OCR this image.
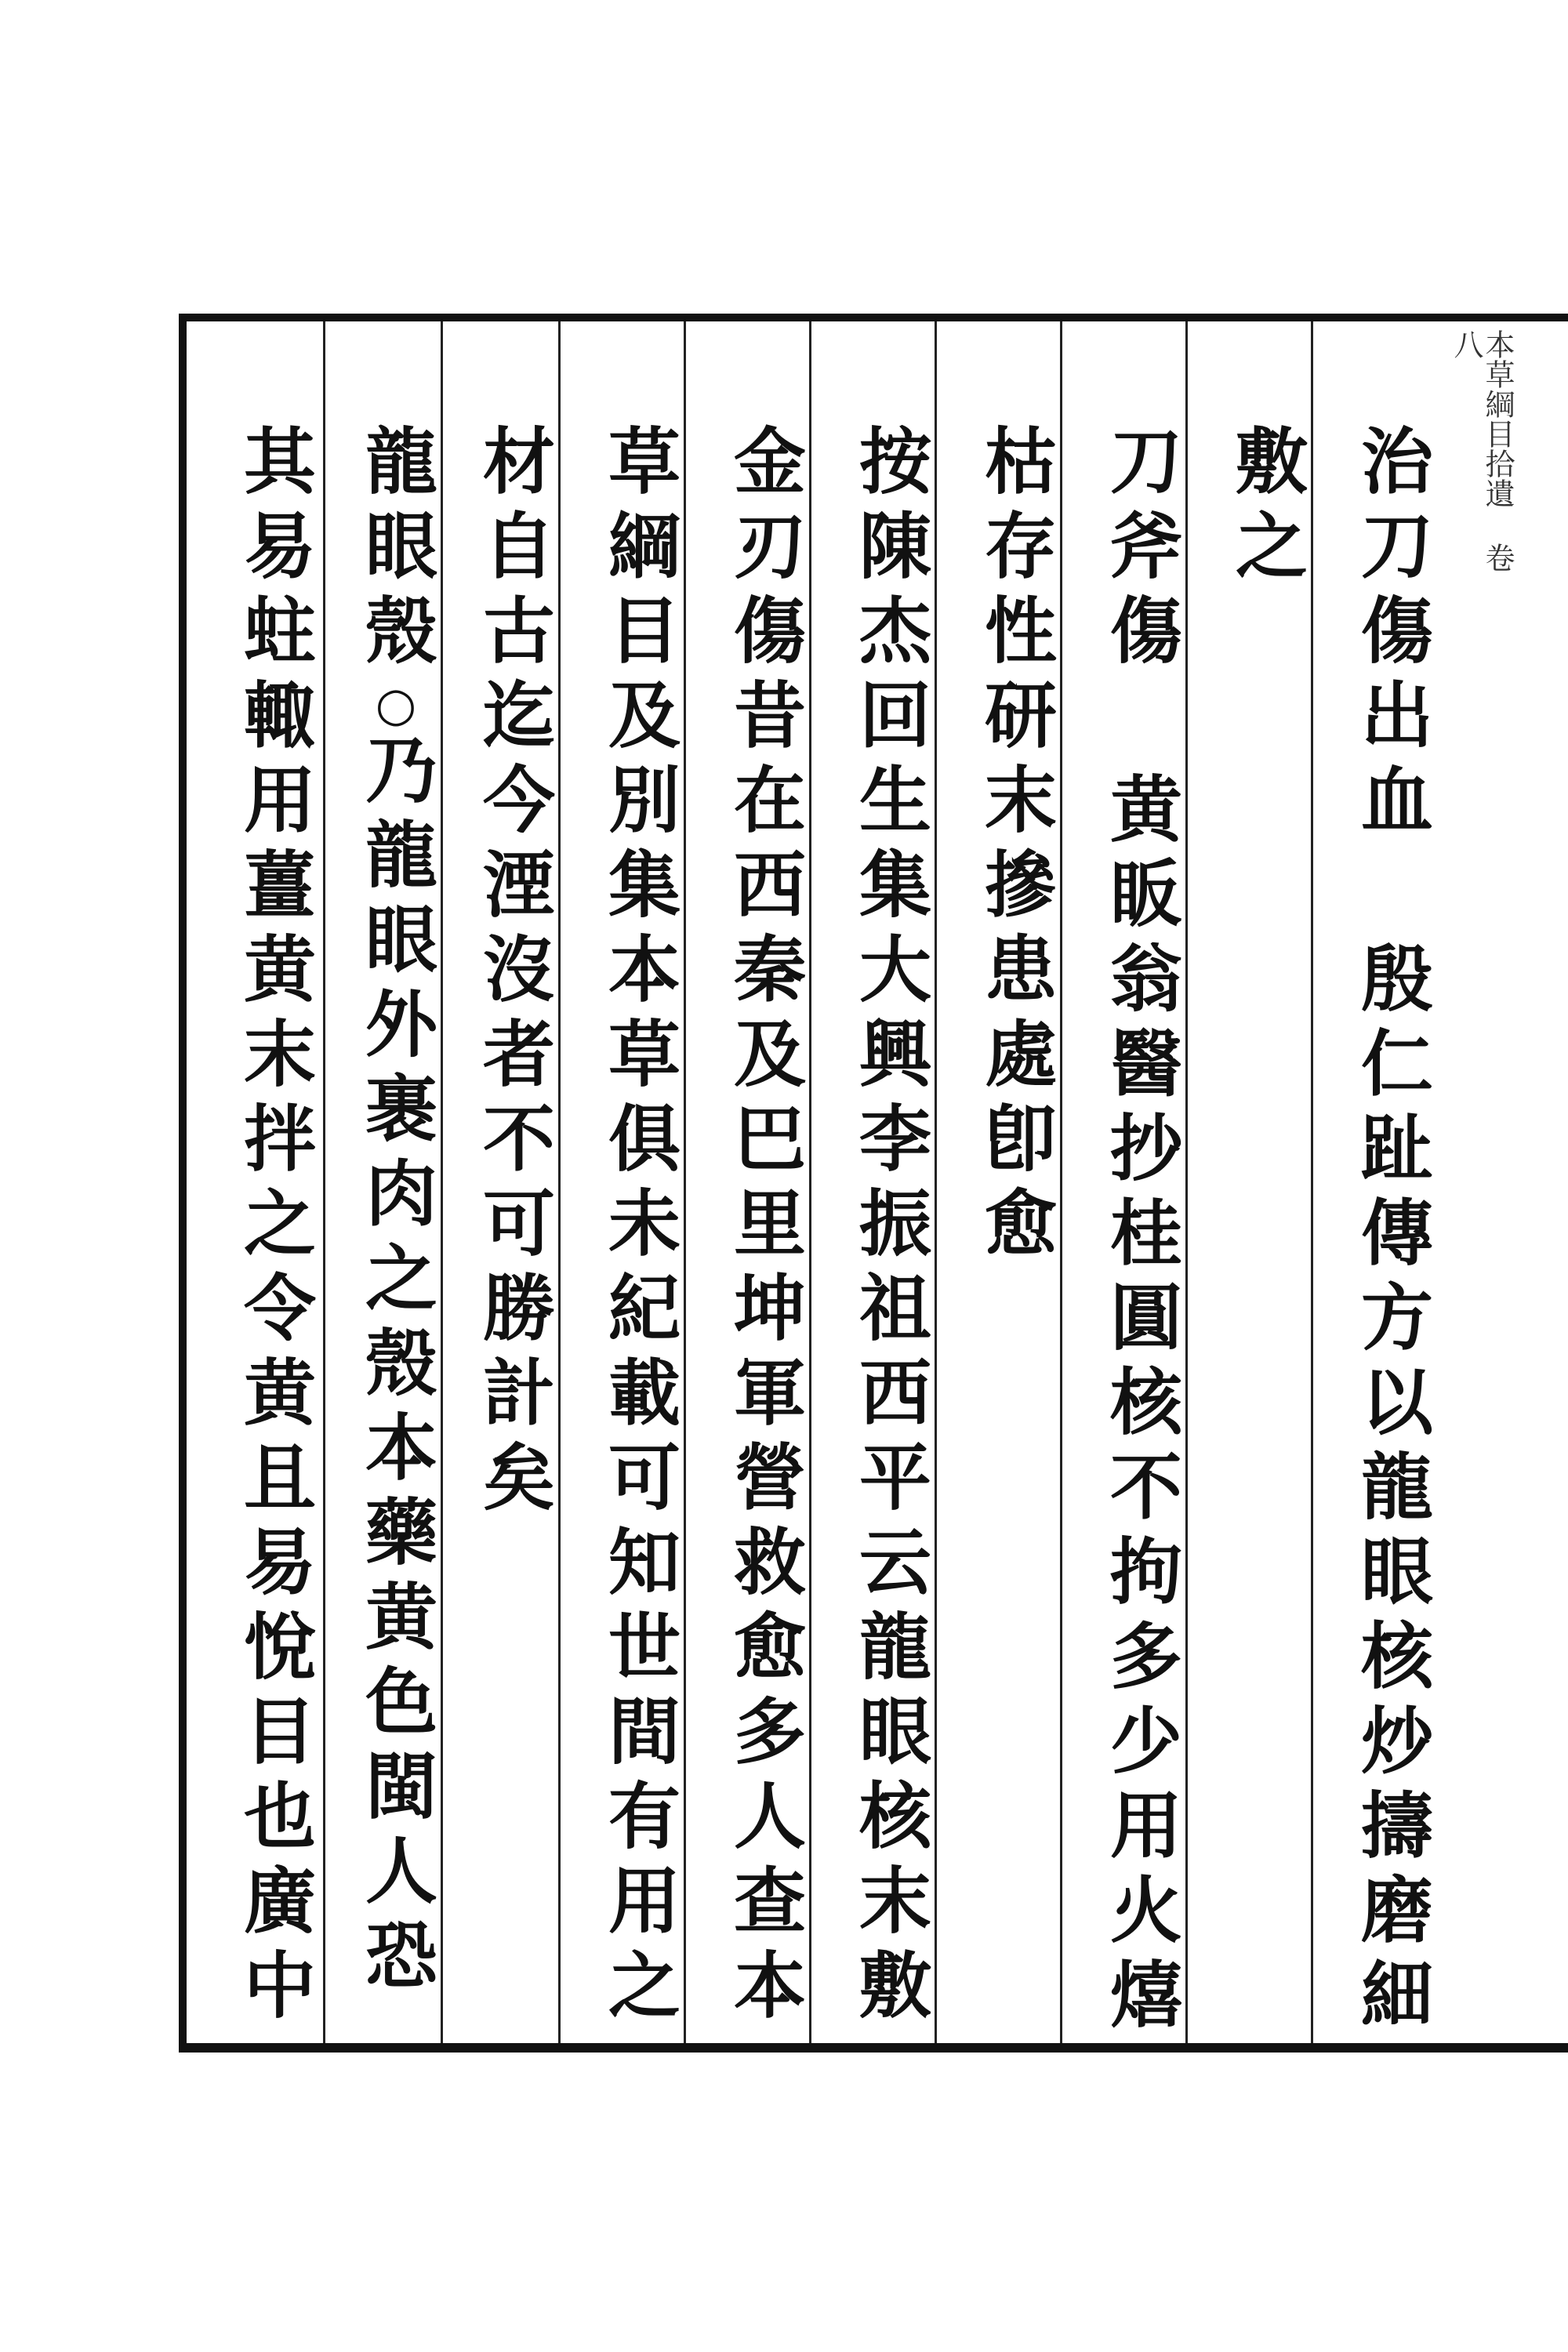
本草綱目拾遺 卷八
治刀傷出血殷仁趾傳方以龍眼核炒擣磨細
敷之
刀斧傷黄眅翁醫抄桂圓核不拘多少用火熺
枯存性研末摻患處卽愈
按陳杰回生集大興李振祖西平云龍眼核末敷
金刃傷昔在西秦及巴里坤軍營救愈多人查本
草綱目及別集本草俱未紀載可知世間有用之
材自古迄今湮沒者不可勝計矣
龍眼殼○乃龍眼外裹肉之殼本藥黄色閩人恐
其易蛀輙用薑黄末拌之令黄且易悅目也廣中
